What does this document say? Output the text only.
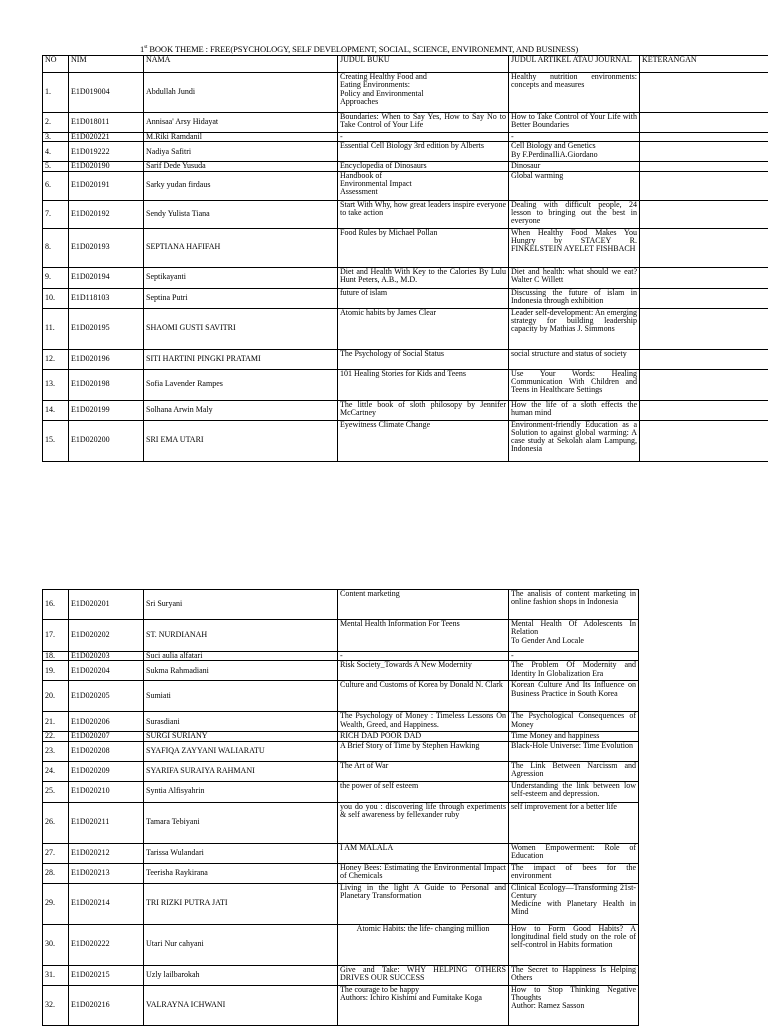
1st BOOK THEME : FREE(PSYCHOLOGY, SELF DEVELOPMENT, SOCIAL, SCIENCE, ENVIRONEMNT, AND BUSINESS)
NO	NIM	NAMA	JUDUL BUKU	JUDUL ARTIKEL ATAU JOURNAL	KETERANGAN
1.	E1D019004	Abdullah Jundi	Creating Healthy Food and
Eating Environments:
Policy and Environmental
Approaches	Healthy nutrition environments: concepts and measures	
2.	E1D018011	Annisaa' Arsy Hidayat	Boundaries: When to Say Yes, How to Say No to Take Control of Your Life	How to Take Control of Your Life with Better Boundaries	
3.	E1D020221	M.Riki Ramdanil	-	-	
4.	E1D019222	Nadiya Safitri	Essential Cell Biology 3rd edition by Alberts	Cell Biology and Genetics
By F.PerdinaIliA.Giordano	
5.	E1D020190	Sarif Dede Yusuda	Encyclopedia of Dinosaurs	Dinosaur	
6.	E1D020191	Sarky yudan firdaus	Handbook of
Environmental Impact
Assessment	Global warming	
7.	E1D020192	Sendy Yulista Tiana	Start With Why, how great leaders inspire everyone to take action	Dealing with difficult people, 24 lesson to bringing out the best in everyone	
8.	E1D020193	SEPTIANA HAFIFAH	Food Rules by Michael Pollan	When Healthy Food Makes You Hungry by STACEY R. FINKELSTEIN AYELET FISHBACH	
9.	E1D020194	Septikayanti	Diet and Health With Key to the Calories By Lulu Hunt Peters, A.B., M.D.	Diet and health: what should we eat? Walter C Willett	
10.	E1D118103	Septina Putri	future of islam	Discussing the future of islam in Indonesia through exhibition	
11.	E1D020195	SHAOMI GUSTI SAVITRI	Atomic habits by James Clear	Leader self-development: An emerging strategy for building leadership capacity by Mathias J. Simmons	
12.	E1D020196	SITI HARTINI PINGKI PRATAMI	The Psychology of Social Status	social structure and status of society	
13.	E1D020198	Sofia Lavender Rampes	101 Healing Stories for Kids and Teens	Use Your Words: Healing Communication With Children and Teens in Healthcare Settings	
14.	E1D020199	Solhana Arwin Maly	The little book of sloth philosopy by Jennifer McCartney	How the life of a sloth effects the human mind	
15.	E1D020200	SRI EMA UTARI	Eyewitness Climate Change	Environment-friendly Education as a Solution to against global warming: A case study at Sekolah alam Lampung, Indonesia	
16.	E1D020201	Sri Suryani	Content marketing	The analisis of content marketing in online fashion shops in Indonesia
17.	E1D020202	ST. NURDIANAH	Mental Health Information For Teens	Mental Health Of Adolescents In Relation
To Gender And Locale
18.	E1D020203	Suci aulia alfatari	-	-
19.	E1D020204	Sukma Rahmadiani	Risk Society_Towards A New Modernity	The Problem Of Modernity and Identity In Globalization Era
20.	E1D020205	Sumiati	Culture and Customs of Korea by Donald N. Clark	Korean Culture And Its Influence on Business Practice in South Korea
21.	E1D020206	Surasdiani	The Psychology of Money : Timeless Lessons On Wealth, Greed, and Happiness.	The Psychological Consequences of Money
22.	E1D020207	SURGI SURIANY	RICH DAD POOR DAD	Time Money and happiness
23.	E1D020208	SYAFIQA ZAYYANI WALIARATU	A Brief Story of Time by Stephen Hawking	Black-Hole Universe: Time Evolution
24.	E1D020209	SYARIFA SURAIYA RAHMANI	The Art of War	The Link Between Narcissm and Agression
25.	E1D020210	Syntia Alfisyahrin	the power of self esteem	Understanding the link between low self-esteem and depression.
26.	E1D020211	Tamara Tebiyani	you do you : discovering life through experiments & self awareness by fellexander ruby	self improvement for a better life
27.	E1D020212	Tarissa Wulandari	I AM MALALA	Women Empowerment: Role of Education
28.	E1D020213	Teerisha Raykirana	Honey Bees: Estimating the Environmental Impact of Chemicals	The impact of bees for the environment
29.	E1D020214	TRI RIZKI PUTRA JATI	Living in the light A Guide to Personal and Planetary Transformation	Clinical Ecology—Transforming 21st-Century
Medicine with Planetary Health in Mind
30.	E1D020222	Utari Nur cahyani	Atomic Habits: the life- changing million	How to Form Good Habits? A longitudinal field study on the role of self-control in Habits formation
31.	E1D020215	Uzly lailbarokah	Give and Take: WHY HELPING OTHERS DRIVES OUR SUCCESS	The Secret to Happiness Is Helping Others
32.	E1D020216	VALRAYNA ICHWANI	The courage to be happy
Authors: Ichiro Kishimi and Fumitake Koga	How to Stop Thinking Negative Thoughts
Author: Ramez Sasson
